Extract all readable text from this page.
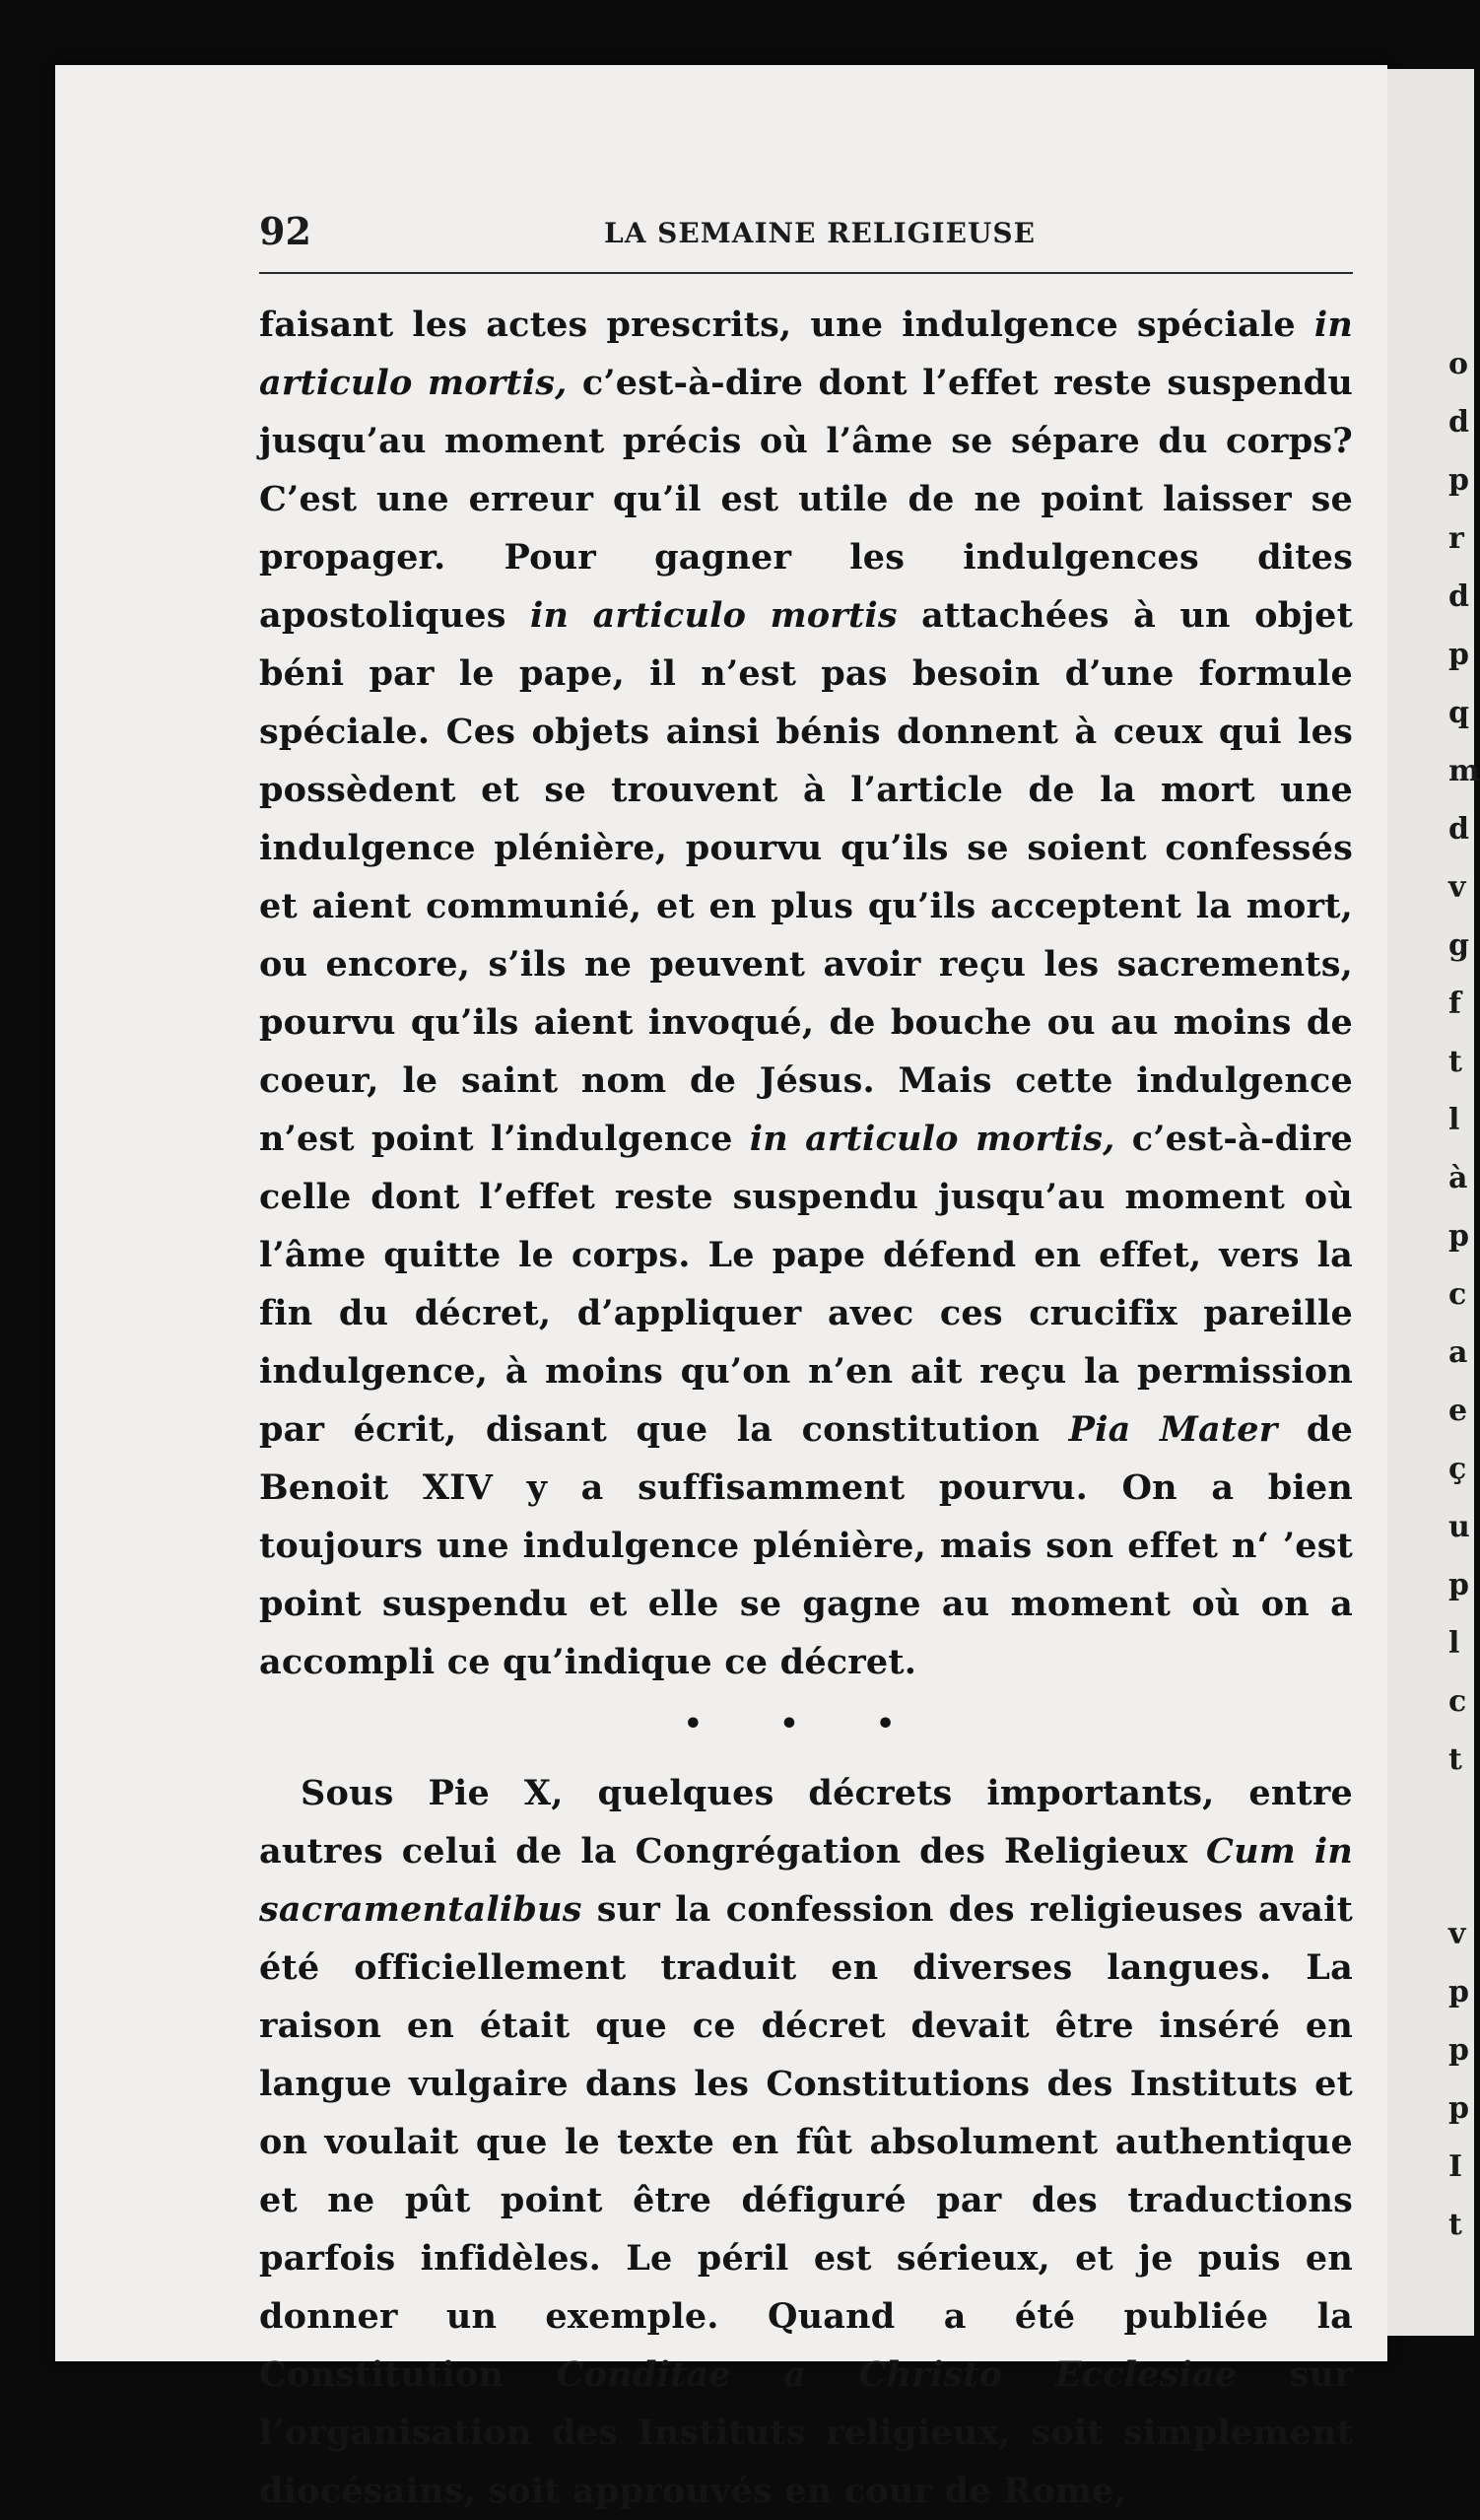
o
d
p
r
d
p
q
m
d
v
g
f
t
l
à
p
c
a
e
ç
u
p
l
c
t

v
p
p
p
I
t
92	LA SEMAINE RELIGIEUSE

faisant les actes prescrits, une indulgence spéciale in articulo mortis, c’est-à-dire dont l’effet reste suspendu jusqu’au moment précis où l’âme se sépare du corps? C’est une erreur qu’il est utile de ne point laisser se propager. Pour gagner les indulgences dites apostoliques in articulo mortis attachées à un objet béni par le pape, il n’est pas besoin d’une formule spéciale. Ces objets ainsi bénis donnent à ceux qui les possèdent et se trouvent à l’article de la mort une indulgence plénière, pourvu qu’ils se soient confessés et aient communié, et en plus qu’ils acceptent la mort, ou encore, s’ils ne peuvent avoir reçu les sacrements, pourvu qu’ils aient invoqué, de bouche ou au moins de coeur, le saint nom de Jésus. Mais cette indulgence n’est point l’indulgence in articulo mortis, c’est-à-dire celle dont l’effet reste suspendu jusqu’au moment où l’âme quitte le corps. Le pape défend en effet, vers la fin du décret, d’appliquer avec ces crucifix pareille indulgence, à moins qu’on n’en ait reçu la permission par écrit, disant que la constitution Pia Mater de Benoit XIV y a suffisamment pourvu. On a bien toujours une indulgence plénière, mais son effet n‘ ’est point suspendu et elle se gagne au moment où on a accompli ce qu’indique ce décret.

• • •

Sous Pie X, quelques décrets importants, entre autres celui de la Congrégation des Religieux Cum in sacramentalibus sur la confession des religieuses avait été officiellement traduit en diverses langues. La raison en était que ce décret devait être inséré en langue vulgaire dans les Constitutions des Instituts et on voulait que le texte en fût absolument authentique et ne pût point être défiguré par des traductions parfois infidèles. Le péril est sérieux, et je puis en donner un exemple. Quand a été publiée la Constitution Conditae a Christo Ecclesiae sur l’organisation des Instituts religieux, soit simplement diocésains, soit approuvés en cour de Rome,
